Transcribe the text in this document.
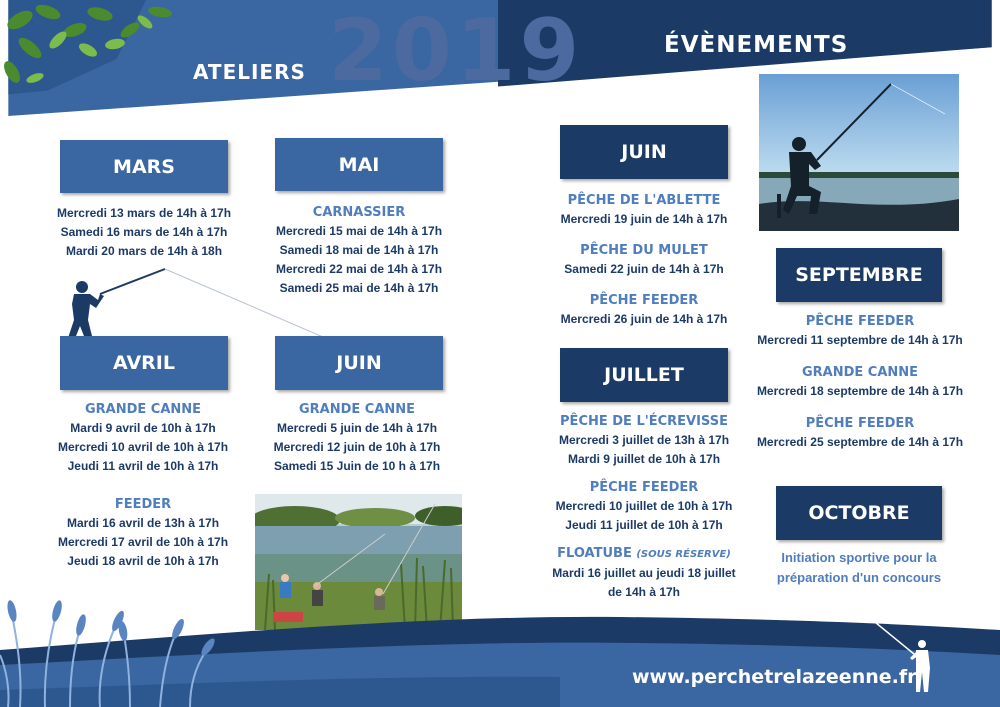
2019
ATELIERS
ÉVÈNEMENTS
MARS
Mercredi 13 mars de 14h à 17h
Samedi 16 mars de 14h à 17h
Mardi 20 mars de 14h à 18h
MAI
CARNASSIER
Mercredi 15 mai de 14h à 17h
Samedi 18 mai de 14h à 17h
Mercredi 22 mai de 14h à 17h
Samedi 25 mai de 14h à 17h
AVRIL
GRANDE CANNE
Mardi 9 avril de 10h à 17h
Mercredi 10 avril de 10h à 17h
Jeudi 11 avril de 10h à 17h
FEEDER
Mardi 16 avril de 13h à 17h
Mercredi 17 avril de 10h à 17h
Jeudi 18 avril de 10h à 17h
JUIN
GRANDE CANNE
Mercredi 5 juin de 14h à 17h
Mercredi 12 juin de 10h à 17h
Samedi 15 Juin de 10 h à 17h
JUIN
PÊCHE DE L'ABLETTE
Mercredi 19 juin de 14h à 17h
PÊCHE DU MULET
Samedi 22 juin de 14h à 17h
PÊCHE FEEDER
Mercredi 26 juin de 14h à 17h
JUILLET
PÊCHE DE L'ÉCREVISSE
Mercredi 3 juillet de 13h à 17h
Mardi 9 juillet de 10h à 17h
PÊCHE FEEDER
Mercredi 10 juillet de 10h à 17h
Jeudi 11 juillet de 10h à 17h
FLOATUBE (SOUS RÉSERVE)
Mardi 16 juillet au jeudi 18 juillet
de 14h à 17h
SEPTEMBRE
PÊCHE FEEDER
Mercredi 11 septembre de 14h à 17h
GRANDE CANNE
Mercredi 18 septembre de 14h à 17h
PÊCHE FEEDER
Mercredi 25 septembre de 14h à 17h
OCTOBRE
Initiation sportive pour la
préparation d'un concours
www.perchetrelazeenne.fr
